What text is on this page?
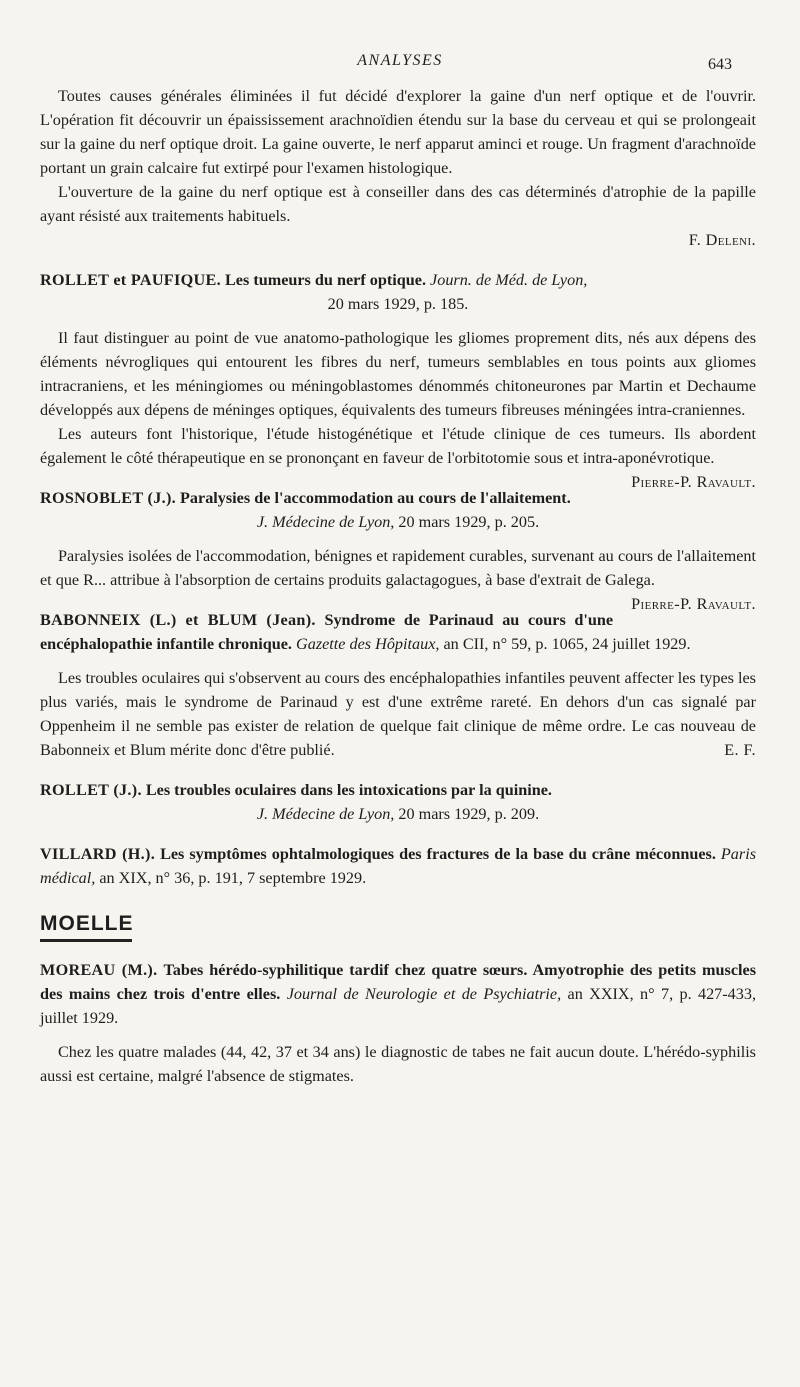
ANALYSES	643

Toutes causes générales éliminées il fut décidé d'explorer la gaine d'un nerf optique et de l'ouvrir. L'opération fit découvrir un épaississement arachnoïdien étendu sur la base du cerveau et qui se prolongeait sur la gaine du nerf optique droit. La gaine ouverte, le nerf apparut aminci et rouge. Un fragment d'arachnoïde portant un grain calcaire fut extirpé pour l'examen histologique.

L'ouverture de la gaine du nerf optique est à conseiller dans des cas déterminés d'atrophie de la papille ayant résisté aux traitements habituels.

F. Deleni.

ROLLET et PAUFIQUE. Les tumeurs du nerf optique. Journ. de Méd. de Lyon,
20 mars 1929, p. 185.

Il faut distinguer au point de vue anatomo-pathologique les gliomes proprement dits, nés aux dépens des éléments névrogliques qui entourent les fibres du nerf, tumeurs semblables en tous points aux gliomes intracraniens, et les méningiomes ou méningoblastomes dénommés chitoneurones par Martin et Dechaume développés aux dépens de méninges optiques, équivalents des tumeurs fibreuses méningées intra-craniennes.

Les auteurs font l'historique, l'étude histogénétique et l'étude clinique de ces tumeurs. Ils abordent également le côté thérapeutique en se prononçant en faveur de l'orbitotomie sous et intra-aponévrotique.
Pierre-P. Ravault.

ROSNOBLET (J.). Paralysies de l'accommodation au cours de l'allaitement.
J. Médecine de Lyon, 20 mars 1929, p. 205.

Paralysies isolées de l'accommodation, bénignes et rapidement curables, survenant au cours de l'allaitement et que R... attribue à l'absorption de certains produits galactagogues, à base d'extrait de Galega.
Pierre-P. Ravault.

BABONNEIX (L.) et BLUM (Jean). Syndrome de Parinaud au cours d'une encéphalopathie infantile chronique. Gazette des Hôpitaux, an CII, n° 59, p. 1065, 24 juillet 1929.

Les troubles oculaires qui s'observent au cours des encéphalopathies infantiles peuvent affecter les types les plus variés, mais le syndrome de Parinaud y est d'une extrême rareté. En dehors d'un cas signalé par Oppenheim il ne semble pas exister de relation de quelque fait clinique de même ordre. Le cas nouveau de Babonneix et Blum mérite donc d'être publié.	E. F.

ROLLET (J.). Les troubles oculaires dans les intoxications par la quinine.
J. Médecine de Lyon, 20 mars 1929, p. 209.
VILLARD (H.). Les symptômes ophtalmologiques des fractures de la base du crâne méconnues. Paris médical, an XIX, n° 36, p. 191, 7 septembre 1929.
MOELLE
MOREAU (M.). Tabes hérédo-syphilitique tardif chez quatre sœurs. Amyotrophie des petits muscles des mains chez trois d'entre elles. Journal de Neurologie et de Psychiatrie, an XXIX, n° 7, p. 427-433, juillet 1929.

Chez les quatre malades (44, 42, 37 et 34 ans) le diagnostic de tabes ne fait aucun doute. L'hérédo-syphilis aussi est certaine, malgré l'absence de stigmates.
